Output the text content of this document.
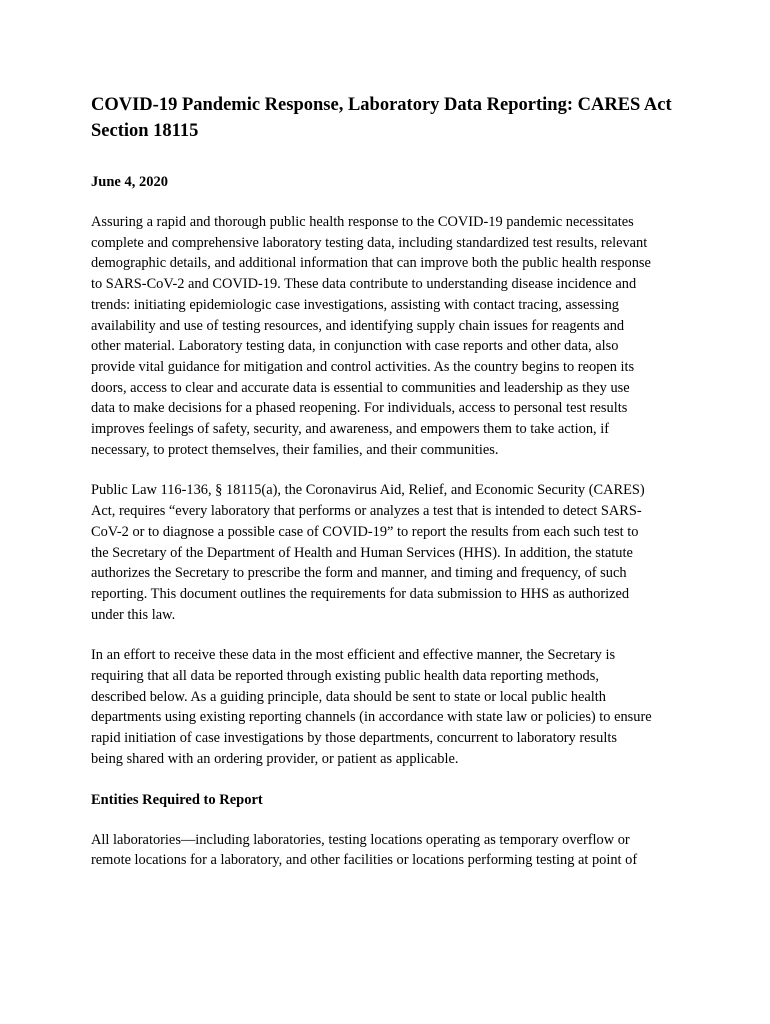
COVID-19 Pandemic Response, Laboratory Data Reporting: CARES Act
Section 18115

June 4, 2020

Assuring a rapid and thorough public health response to the COVID-19 pandemic necessitates
complete and comprehensive laboratory testing data, including standardized test results, relevant
demographic details, and additional information that can improve both the public health response
to SARS-CoV-2 and COVID-19. These data contribute to understanding disease incidence and
trends: initiating epidemiologic case investigations, assisting with contact tracing, assessing
availability and use of testing resources, and identifying supply chain issues for reagents and
other material. Laboratory testing data, in conjunction with case reports and other data, also
provide vital guidance for mitigation and control activities. As the country begins to reopen its
doors, access to clear and accurate data is essential to communities and leadership as they use
data to make decisions for a phased reopening. For individuals, access to personal test results
improves feelings of safety, security, and awareness, and empowers them to take action, if
necessary, to protect themselves, their families, and their communities.

Public Law 116-136, § 18115(a), the Coronavirus Aid, Relief, and Economic Security (CARES)
Act, requires “every laboratory that performs or analyzes a test that is intended to detect SARS-
CoV-2 or to diagnose a possible case of COVID-19” to report the results from each such test to
the Secretary of the Department of Health and Human Services (HHS). In addition, the statute
authorizes the Secretary to prescribe the form and manner, and timing and frequency, of such
reporting. This document outlines the requirements for data submission to HHS as authorized
under this law.

In an effort to receive these data in the most efficient and effective manner, the Secretary is
requiring that all data be reported through existing public health data reporting methods,
described below. As a guiding principle, data should be sent to state or local public health
departments using existing reporting channels (in accordance with state law or policies) to ensure
rapid initiation of case investigations by those departments, concurrent to laboratory results
being shared with an ordering provider, or patient as applicable.

Entities Required to Report

All laboratories—including laboratories, testing locations operating as temporary overflow or
remote locations for a laboratory, and other facilities or locations performing testing at point of
